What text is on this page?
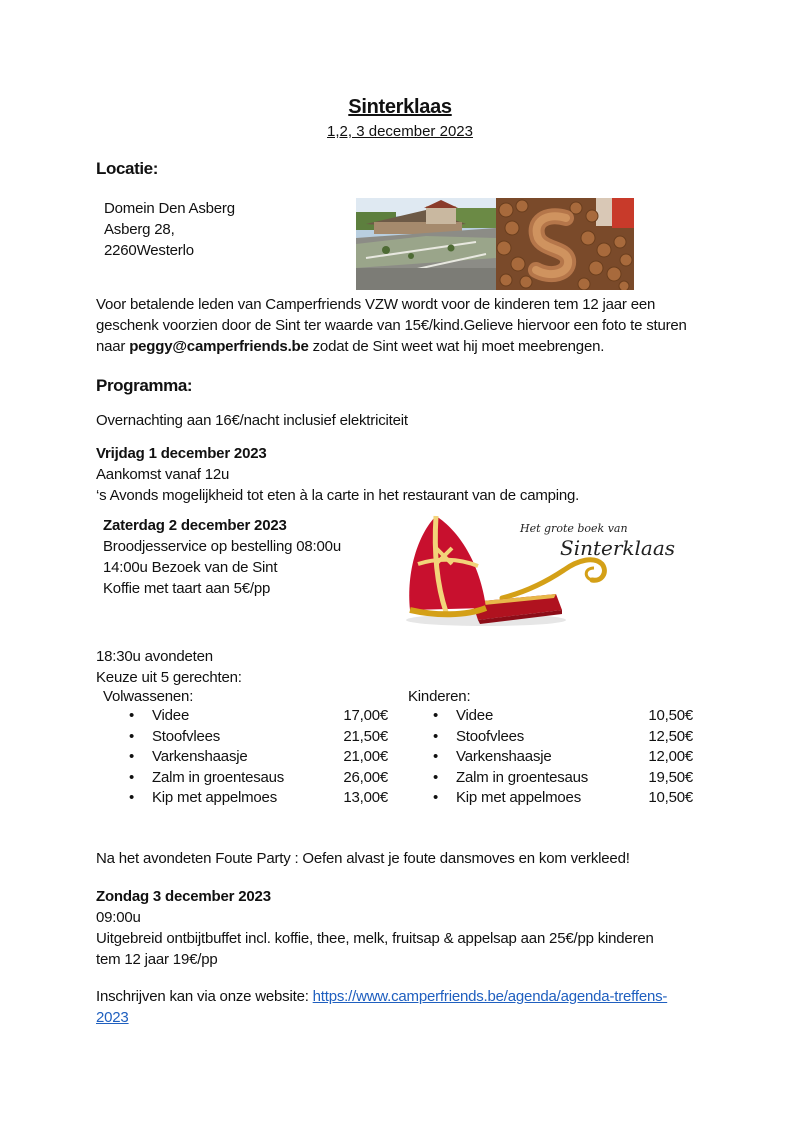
Sinterklaas
1,2, 3 december 2023
Locatie:
Domein Den Asberg
Asberg 28,
2260Westerlo
Voor betalende leden van Camperfriends VZW wordt voor de kinderen tem 12 jaar een
geschenk voorzien door de Sint ter waarde van 15€/kind.Gelieve hiervoor een foto te sturen
naar peggy@camperfriends.be zodat de Sint weet wat hij moet meebrengen.
Programma:
Overnachting aan 16€/nacht inclusief elektriciteit
Vrijdag 1 december 2023
Aankomst vanaf 12u
‘s Avonds mogelijkheid tot eten à la carte in het restaurant van de camping.
Zaterdag 2 december 2023
Broodjesservice op bestelling 08:00u
14:00u Bezoek van de Sint
Koffie met taart aan 5€/pp
Het grote boek van
Sinterklaas
18:30u avondeten
Keuze uit 5 gerechten:
Volwassenen:
• Videe	17,00€
• Stoofvlees	21,50€
• Varkenshaasje	21,00€
• Zalm in groentesaus	26,00€
• Kip met appelmoes	13,00€
Kinderen:
• Videe	10,50€
• Stoofvlees	12,50€
• Varkenshaasje	12,00€
• Zalm in groentesaus	19,50€
• Kip met appelmoes	10,50€
Na het avondeten Foute Party : Oefen alvast je foute dansmoves en kom verkleed!
Zondag 3 december 2023
09:00u
Uitgebreid ontbijtbuffet incl. koffie, thee, melk, fruitsap & appelsap aan 25€/pp kinderen
tem 12 jaar 19€/pp
Inschrijven kan via onze website: https://www.camperfriends.be/agenda/agenda-treffens-
2023
